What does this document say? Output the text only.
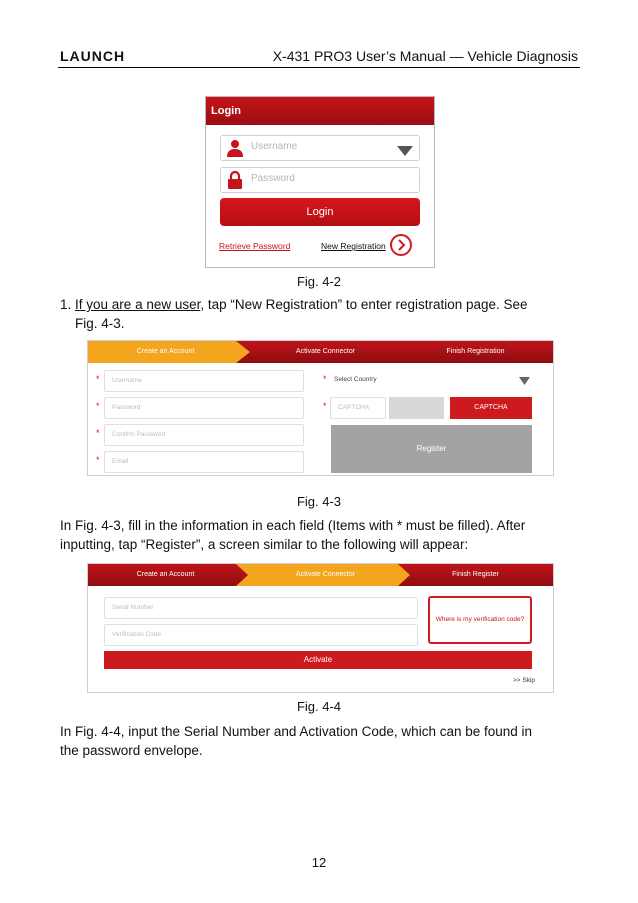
LAUNCH	X-431 PRO3 User’s Manual — Vehicle Diagnosis
Login
Username
Password
Login
Retrieve Password	New Registration
Fig. 4-2
1. If you are a new user, tap “New Registration” to enter registration page. See
Fig. 4-3.
Create an Account	Activate Connector	Finish Registration
* Username
* Password
* Confirm Password
* Email
* Select Country
* CAPTCHA	CAPTCHA
Register
Fig. 4-3
In Fig. 4-3, fill in the information in each field (Items with * must be filled). After
inputting, tap “Register”, a screen similar to the following will appear:
Create an Account	Activate Connector	Finish Register
Serial Number
Verification Code
Where is my verification code?
Activate
>> Skip
Fig. 4-4
In Fig. 4-4, input the Serial Number and Activation Code, which can be found in
the password envelope.
12
